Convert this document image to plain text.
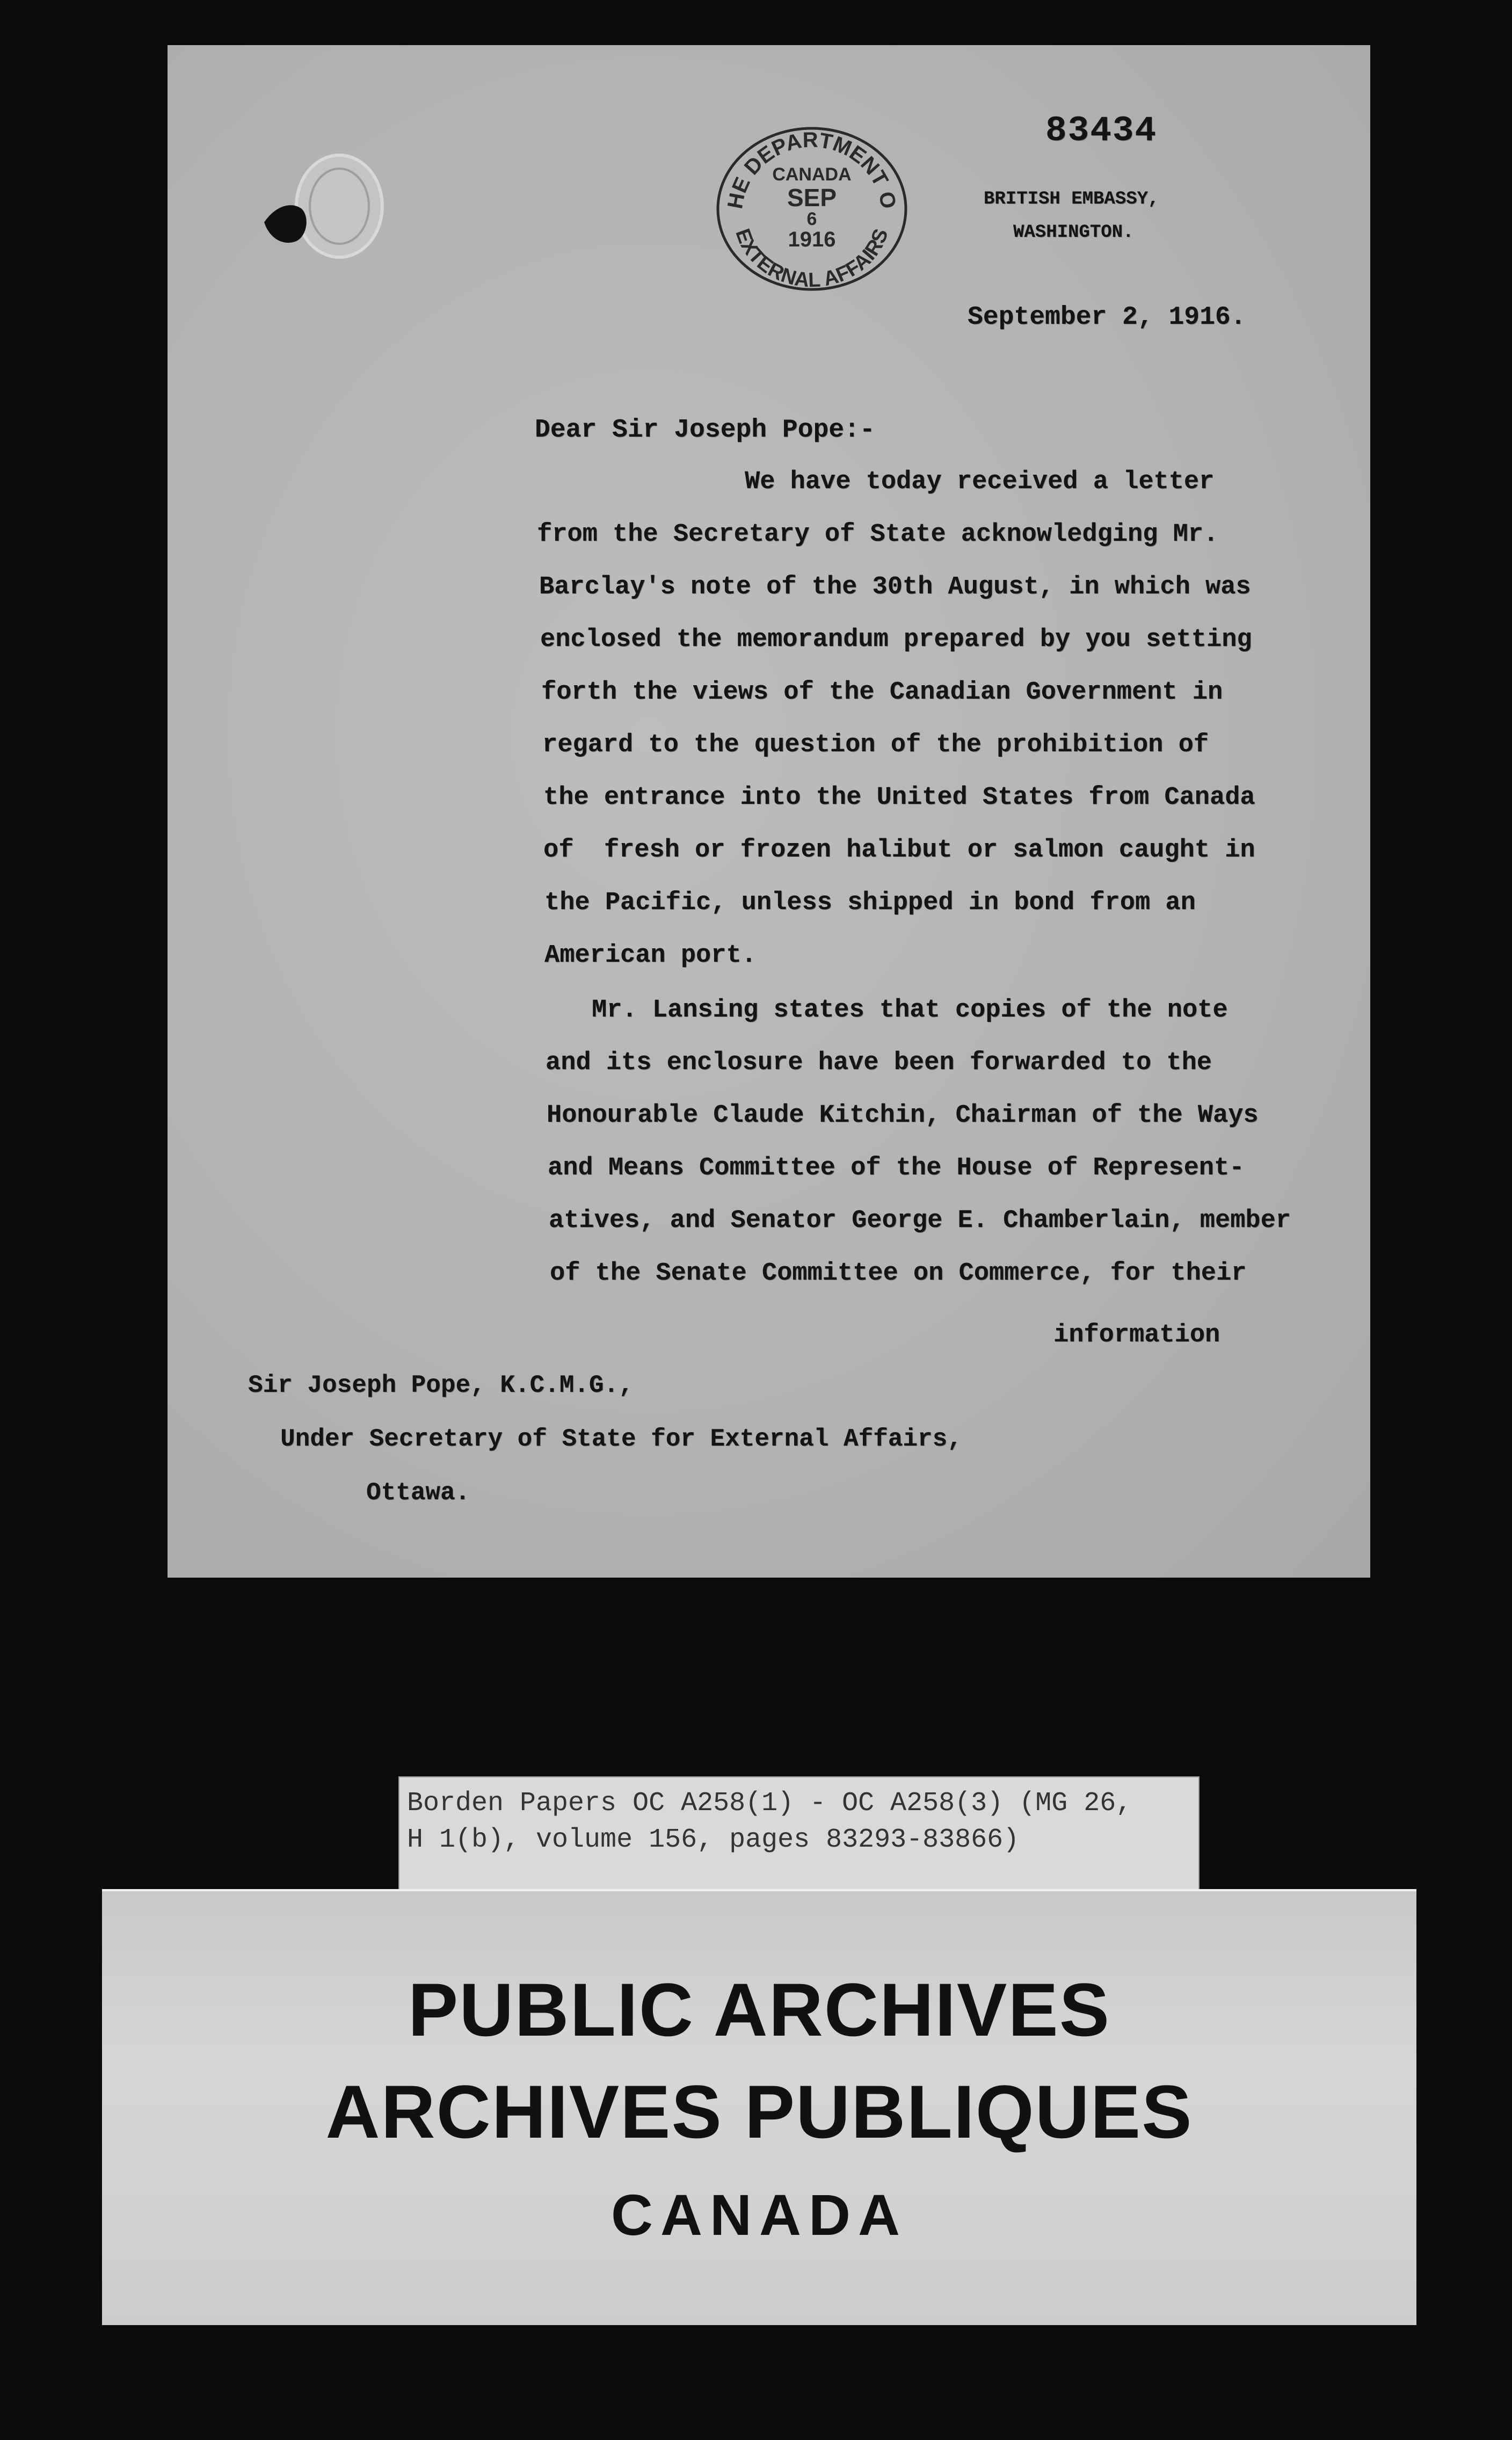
83434
HE DEPARTMENT O
EXTERNAL AFFAIRS
CANADA
SEP
6
1916
BRITISH EMBASSY,
WASHINGTON.
September 2, 1916.
Dear Sir Joseph Pope:-
We have today received a letter
from the Secretary of State acknowledging Mr.
Barclay's note of the 30th August, in which was
enclosed the memorandum prepared by you setting
forth the views of the Canadian Government in
regard to the question of the prohibition of
the entrance into the United States from Canada
of  fresh or frozen halibut or salmon caught in
the Pacific, unless shipped in bond from an
American port.
Mr. Lansing states that copies of the note
and its enclosure have been forwarded to the
Honourable Claude Kitchin, Chairman of the Ways
and Means Committee of the House of Represent-
atives, and Senator George E. Chamberlain, member
of the Senate Committee on Commerce, for their
information
Sir Joseph Pope, K.C.M.G.,
Under Secretary of State for External Affairs,
Ottawa.
Borden Papers OC A258(1) - OC A258(3) (MG 26,
H 1(b), volume 156, pages 83293-83866)

PUBLIC ARCHIVES

ARCHIVES PUBLIQUES

CANADA
